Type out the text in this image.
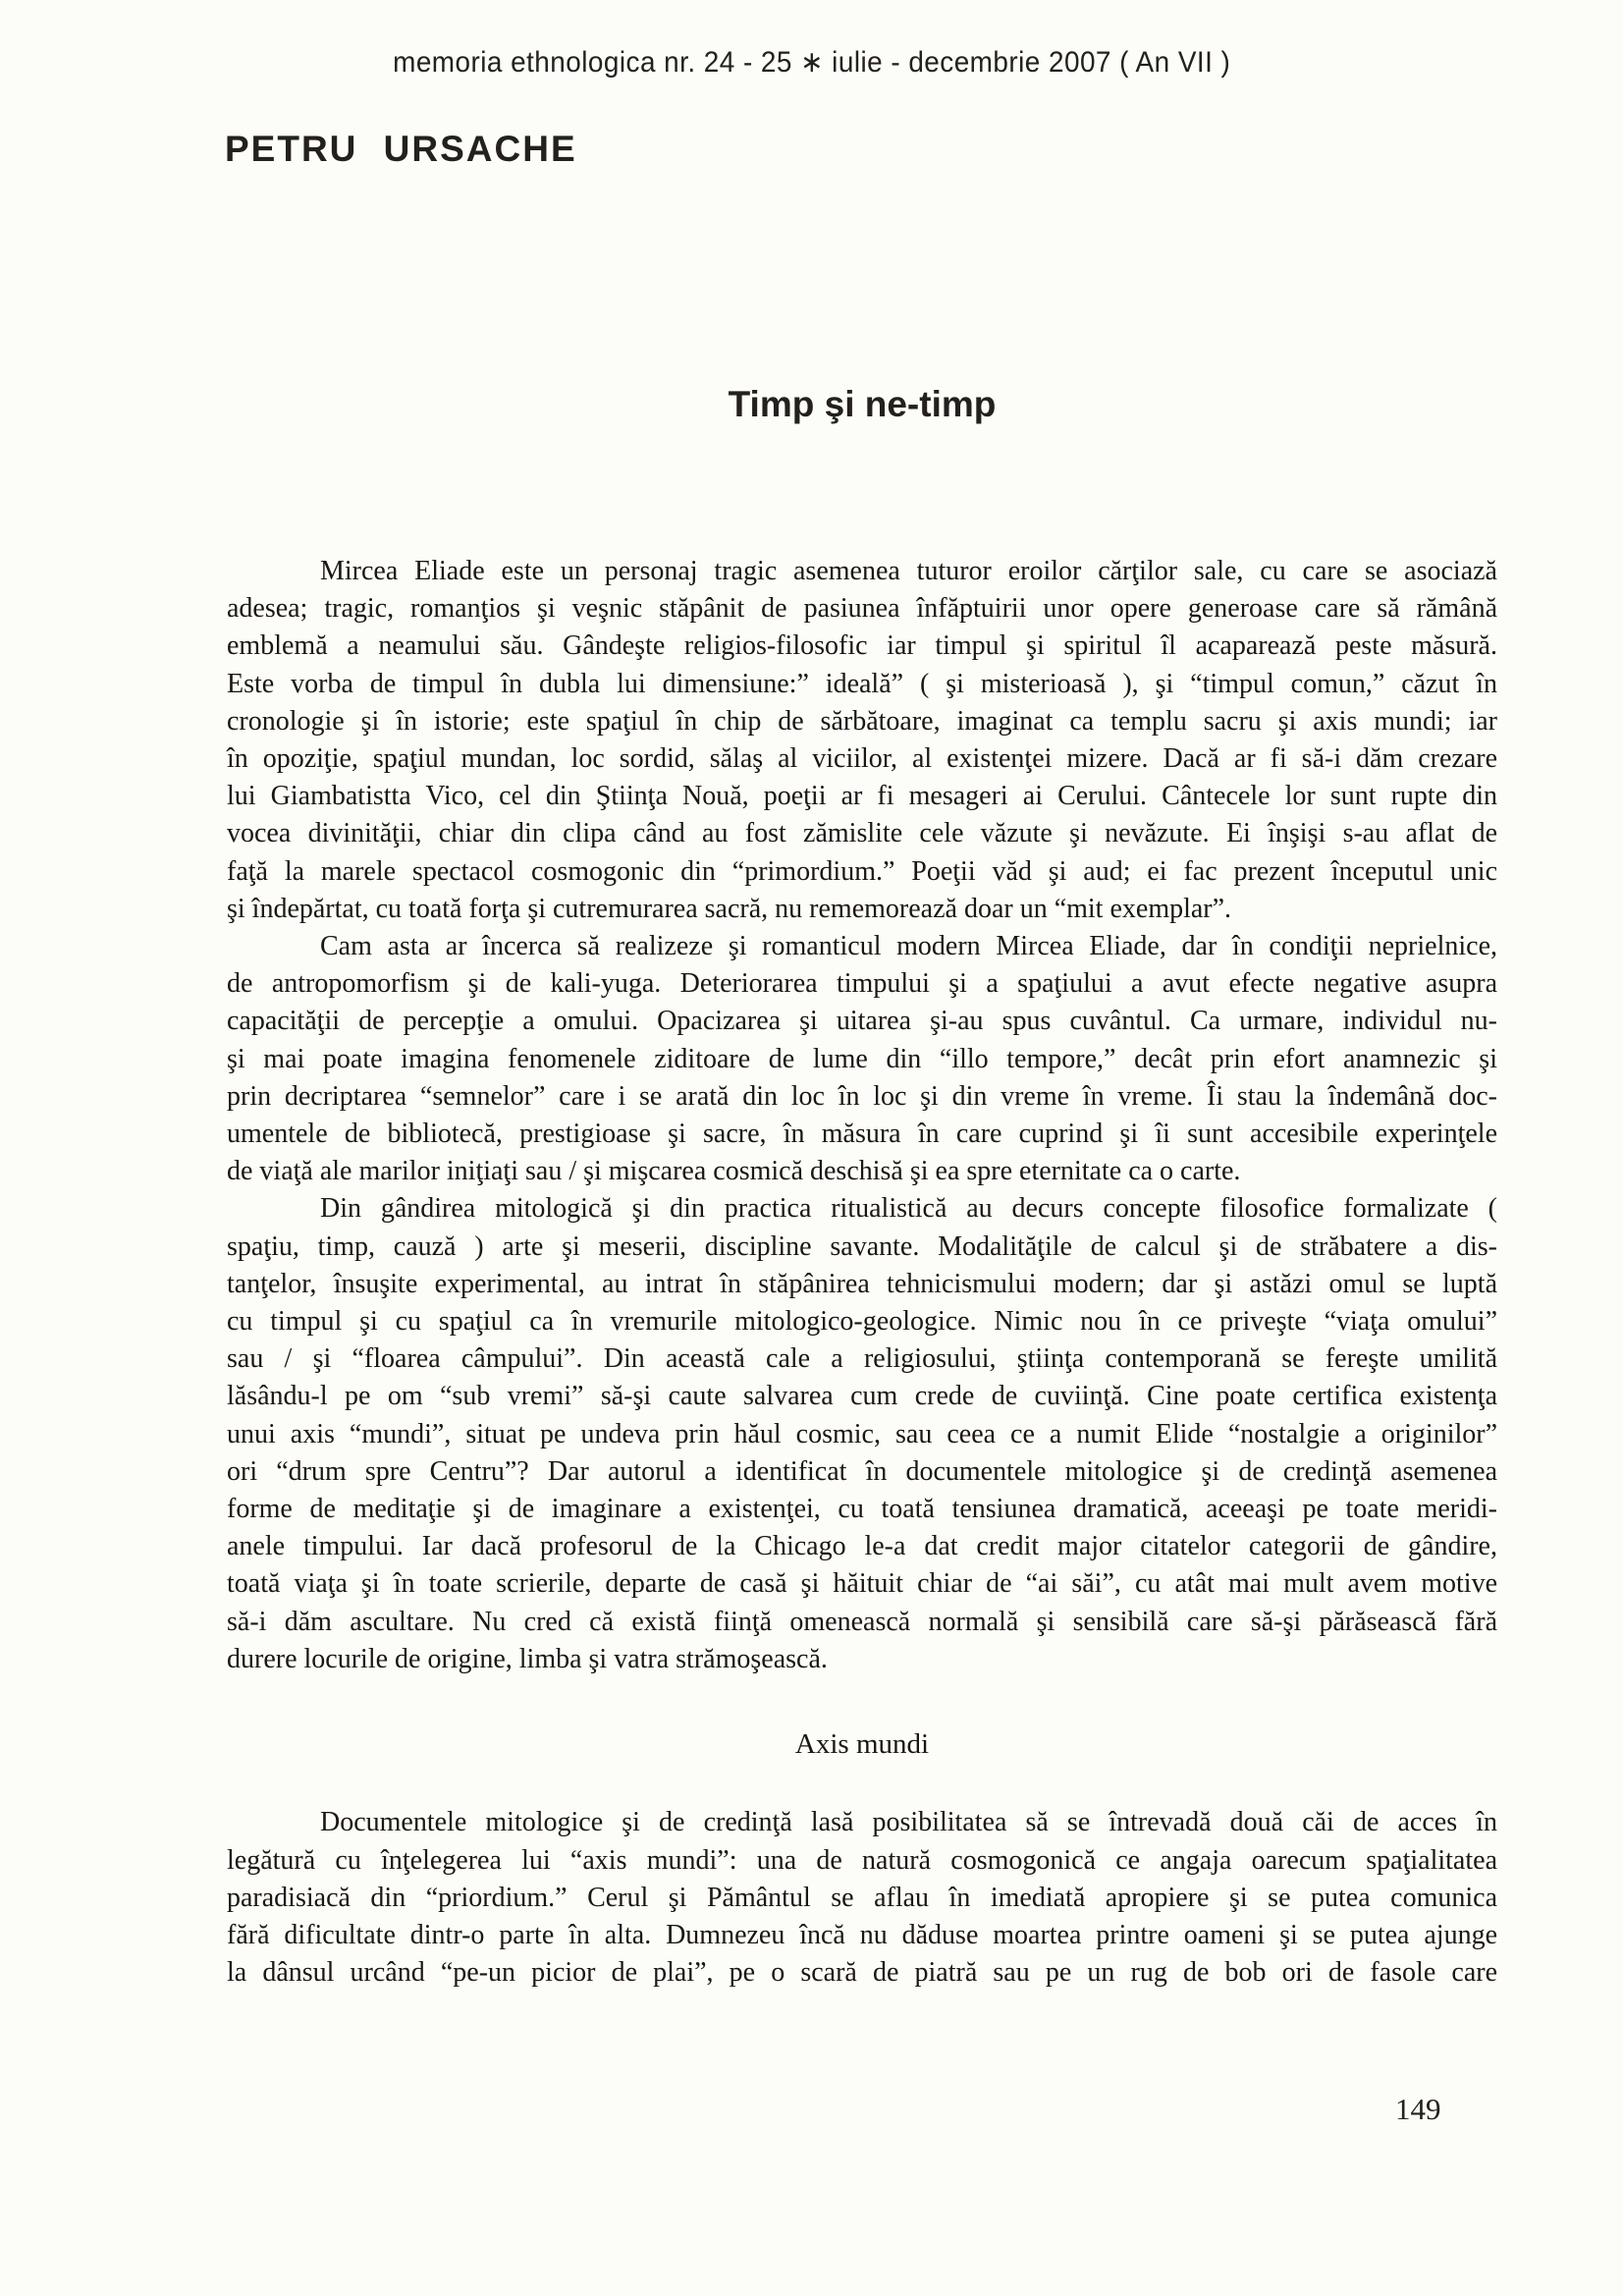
memoria ethnologica nr. 24 - 25 ∗ iulie - decembrie 2007 ( An VII )
PETRU URSACHE
Timp şi ne-timp
Mircea Eliade este un personaj tragic asemenea tuturor eroilor cărţilor sale, cu care se asociază
adesea; tragic, romanţios şi veşnic stăpânit de pasiunea înfăptuirii unor opere generoase care să rămână
emblemă a neamului său. Gândeşte religios-filosofic iar timpul şi spiritul îl acaparează peste măsură.
Este vorba de timpul în dubla lui dimensiune:” ideală” ( şi misterioasă ), şi “timpul comun,” căzut în
cronologie şi în istorie; este spaţiul în chip de sărbătoare, imaginat ca templu sacru şi axis mundi; iar
în opoziţie, spaţiul mundan, loc sordid, sălaş al viciilor, al existenţei mizere. Dacă ar fi să-i dăm crezare
lui Giambatistta Vico, cel din Ştiinţa Nouă, poeţii ar fi mesageri ai Cerului. Cântecele lor sunt rupte din
vocea divinităţii, chiar din clipa când au fost zămislite cele văzute şi nevăzute. Ei înşişi s-au aflat de
faţă la marele spectacol cosmogonic din “primordium.” Poeţii văd şi aud; ei fac prezent începutul unic
şi îndepărtat, cu toată forţa şi cutremurarea sacră, nu rememorează doar un “mit exemplar”.
Cam asta ar încerca să realizeze şi romanticul modern Mircea Eliade, dar în condiţii neprielnice,
de antropomorfism şi de kali-yuga. Deteriorarea timpului şi a spaţiului a avut efecte negative asupra
capacităţii de percepţie a omului. Opacizarea şi uitarea şi-au spus cuvântul. Ca urmare, individul nu-
şi mai poate imagina fenomenele ziditoare de lume din “illo tempore,” decât prin efort anamnezic şi
prin decriptarea “semnelor” care i se arată din loc în loc şi din vreme în vreme. Îi stau la îndemână doc-
umentele de bibliotecă, prestigioase şi sacre, în măsura în care cuprind şi îi sunt accesibile experinţele
de viaţă ale marilor iniţiaţi sau / şi mişcarea cosmică deschisă şi ea spre eternitate ca o carte.
Din gândirea mitologică şi din practica ritualistică au decurs concepte filosofice formalizate (
spaţiu, timp, cauză ) arte şi meserii, discipline savante. Modalităţile de calcul şi de străbatere a dis-
tanţelor, însuşite experimental, au intrat în stăpânirea tehnicismului modern; dar şi astăzi omul se luptă
cu timpul şi cu spaţiul ca în vremurile mitologico-geologice. Nimic nou în ce priveşte “viaţa omului”
sau / şi “floarea câmpului”. Din această cale a religiosului, ştiinţa contemporană se fereşte umilită
lăsându-l pe om “sub vremi” să-şi caute salvarea cum crede de cuviinţă. Cine poate certifica existenţa
unui axis “mundi”, situat pe undeva prin hăul cosmic, sau ceea ce a numit Elide “nostalgie a originilor”
ori “drum spre Centru”? Dar autorul a identificat în documentele mitologice şi de credinţă asemenea
forme de meditaţie şi de imaginare a existenţei, cu toată tensiunea dramatică, aceeaşi pe toate meridi-
anele timpului. Iar dacă profesorul de la Chicago le-a dat credit major citatelor categorii de gândire,
toată viaţa şi în toate scrierile, departe de casă şi hăituit chiar de “ai săi”, cu atât mai mult avem motive
să-i dăm ascultare. Nu cred că există fiinţă omenească normală şi sensibilă care să-şi părăsească fără
durere locurile de origine, limba şi vatra strămoşească.
Axis mundi
Documentele mitologice şi de credinţă lasă posibilitatea să se întrevadă două căi de acces în
legătură cu înţelegerea lui “axis mundi”: una de natură cosmogonică ce angaja oarecum spaţialitatea
paradisiacă din “priordium.” Cerul şi Pământul se aflau în imediată apropiere şi se putea comunica
fără dificultate dintr-o parte în alta. Dumnezeu încă nu dăduse moartea printre oameni şi se putea ajunge
la dânsul urcând “pe-un picior de plai”, pe o scară de piatră sau pe un rug de bob ori de fasole care
149
